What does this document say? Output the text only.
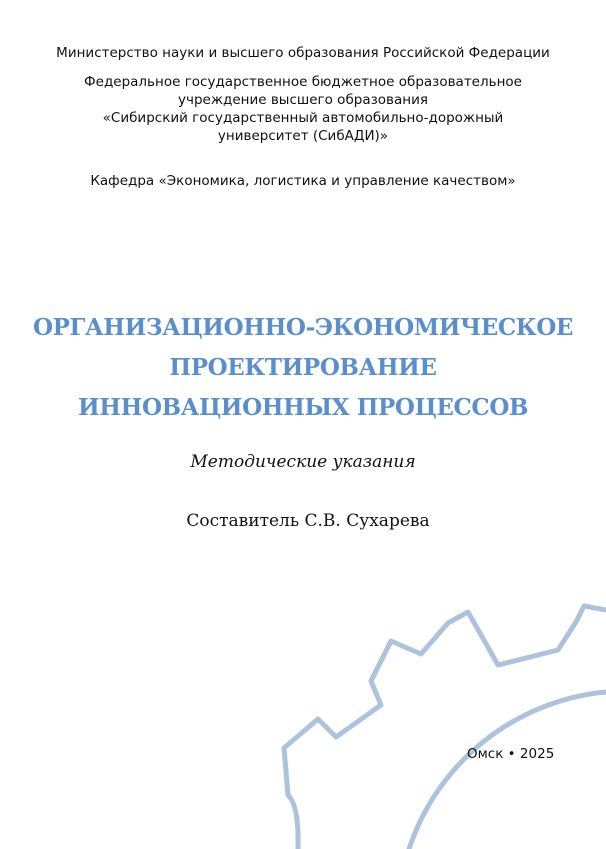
Министерство науки и высшего образования Российской Федерации
Федеральное государственное бюджетное образовательное
учреждение высшего образования
«Сибирский государственный автомобильно-дорожный
университет (СибАДИ)»
Кафедра «Экономика, логистика и управление качеством»
ОРГАНИЗАЦИОННО-ЭКОНОМИЧЕСКОЕ
ПРОЕКТИРОВАНИЕ
ИННОВАЦИОННЫХ ПРОЦЕССОВ
Методические указания
Составитель С.В. Сухарева
Омск • 2025
